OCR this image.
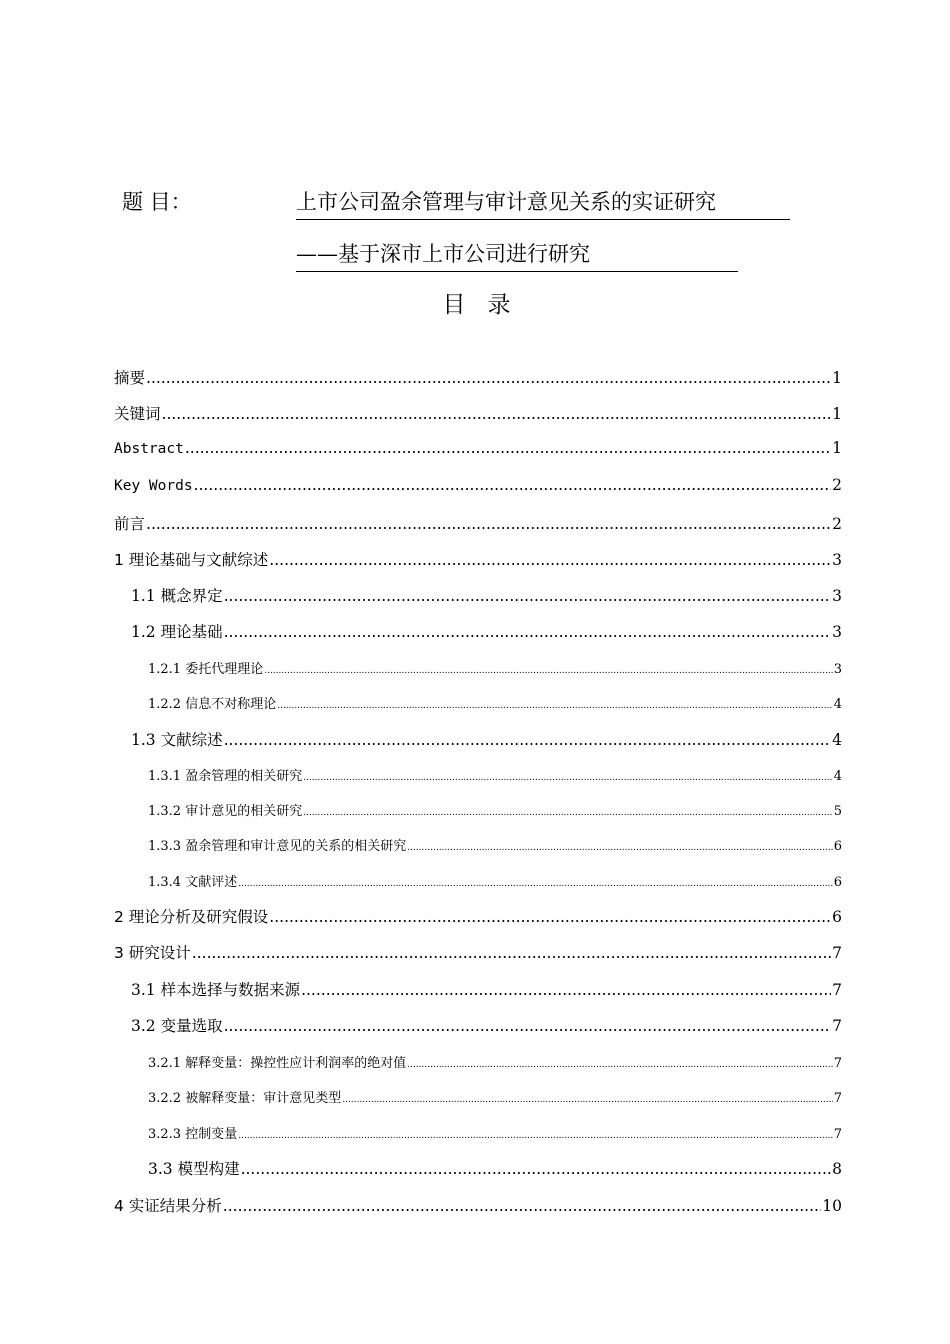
题 目：	上市公司盈余管理与审计意见关系的实证研究
——基于深市上市公司进行研究
目录
摘要 .....	1
关键词 .....	1
Abstract .....	1
Key Words .....	2
前言 .....	2
1 理论基础与文献综述 .....	3
1.1 概念界定 .....	3
1.2 理论基础 .....	3
1.2.1 委托代理理论 .....	3
1.2.2 信息不对称理论 .....	4
1.3 文献综述 .....	4
1.3.1 盈余管理的相关研究 .....	4
1.3.2 审计意见的相关研究 .....	5
1.3.3 盈余管理和审计意见的关系的相关研究 .....	6
1.3.4 文献评述 .....	6
2 理论分析及研究假设 .....	6
3 研究设计 .....	7
3.1 样本选择与数据来源 .....	7
3.2 变量选取 .....	7
3.2.1 解释变量：操控性应计利润率的绝对值 .....	7
3.2.2 被解释变量：审计意见类型 .....	7
3.2.3 控制变量 .....	7
3.3 模型构建 .....	8
4 实证结果分析 .....	10
